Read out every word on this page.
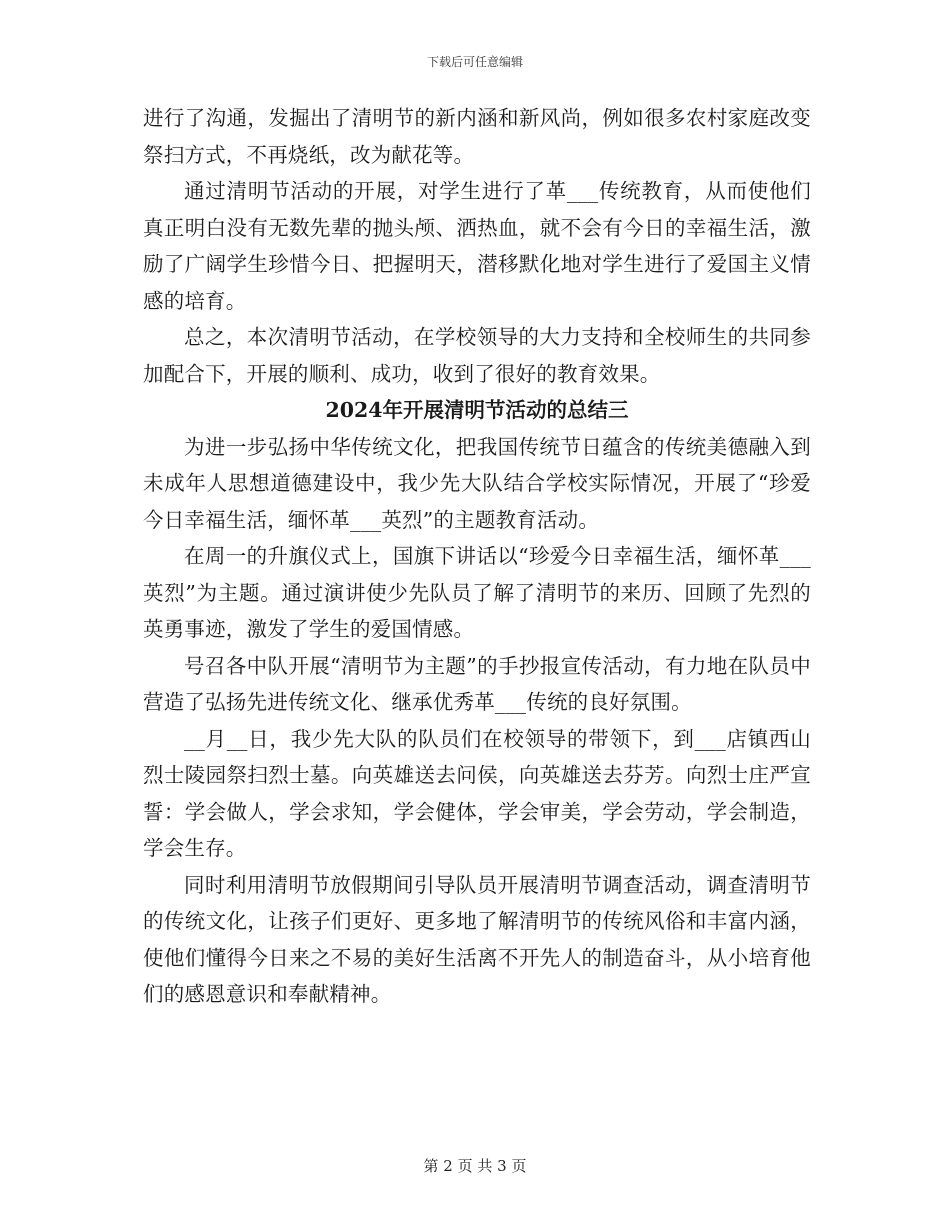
下载后可任意编辑

进行了沟通，发掘出了清明节的新内涵和新风尚，例如很多农村家庭改变祭扫方式，不再烧纸，改为献花等。

通过清明节活动的开展，对学生进行了革___传统教育，从而使他们真正明白没有无数先辈的抛头颅、洒热血，就不会有今日的幸福生活，激励了广阔学生珍惜今日、把握明天，潜移默化地对学生进行了爱国主义情感的培育。

总之，本次清明节活动，在学校领导的大力支持和全校师生的共同参加配合下，开展的顺利、成功，收到了很好的教育效果。

2024年开展清明节活动的总结三

为进一步弘扬中华传统文化，把我国传统节日蕴含的传统美德融入到未成年人思想道德建设中，我少先大队结合学校实际情况，开展了“珍爱今日幸福生活，缅怀革___英烈”的主题教育活动。

在周一的升旗仪式上，国旗下讲话以“珍爱今日幸福生活，缅怀革___英烈”为主题。通过演讲使少先队员了解了清明节的来历、回顾了先烈的英勇事迹，激发了学生的爱国情感。

号召各中队开展“清明节为主题”的手抄报宣传活动，有力地在队员中营造了弘扬先进传统文化、继承优秀革___传统的良好氛围。

__月__日，我少先大队的队员们在校领导的带领下，到___店镇西山烈士陵园祭扫烈士墓。向英雄送去问侯，向英雄送去芬芳。向烈士庄严宣誓：学会做人，学会求知，学会健体，学会审美，学会劳动，学会制造，学会生存。

同时利用清明节放假期间引导队员开展清明节调查活动，调查清明节的传统文化，让孩子们更好、更多地了解清明节的传统风俗和丰富内涵，使他们懂得今日来之不易的美好生活离不开先人的制造奋斗，从小培育他们的感恩意识和奉献精神。

第 2 页 共 3 页
